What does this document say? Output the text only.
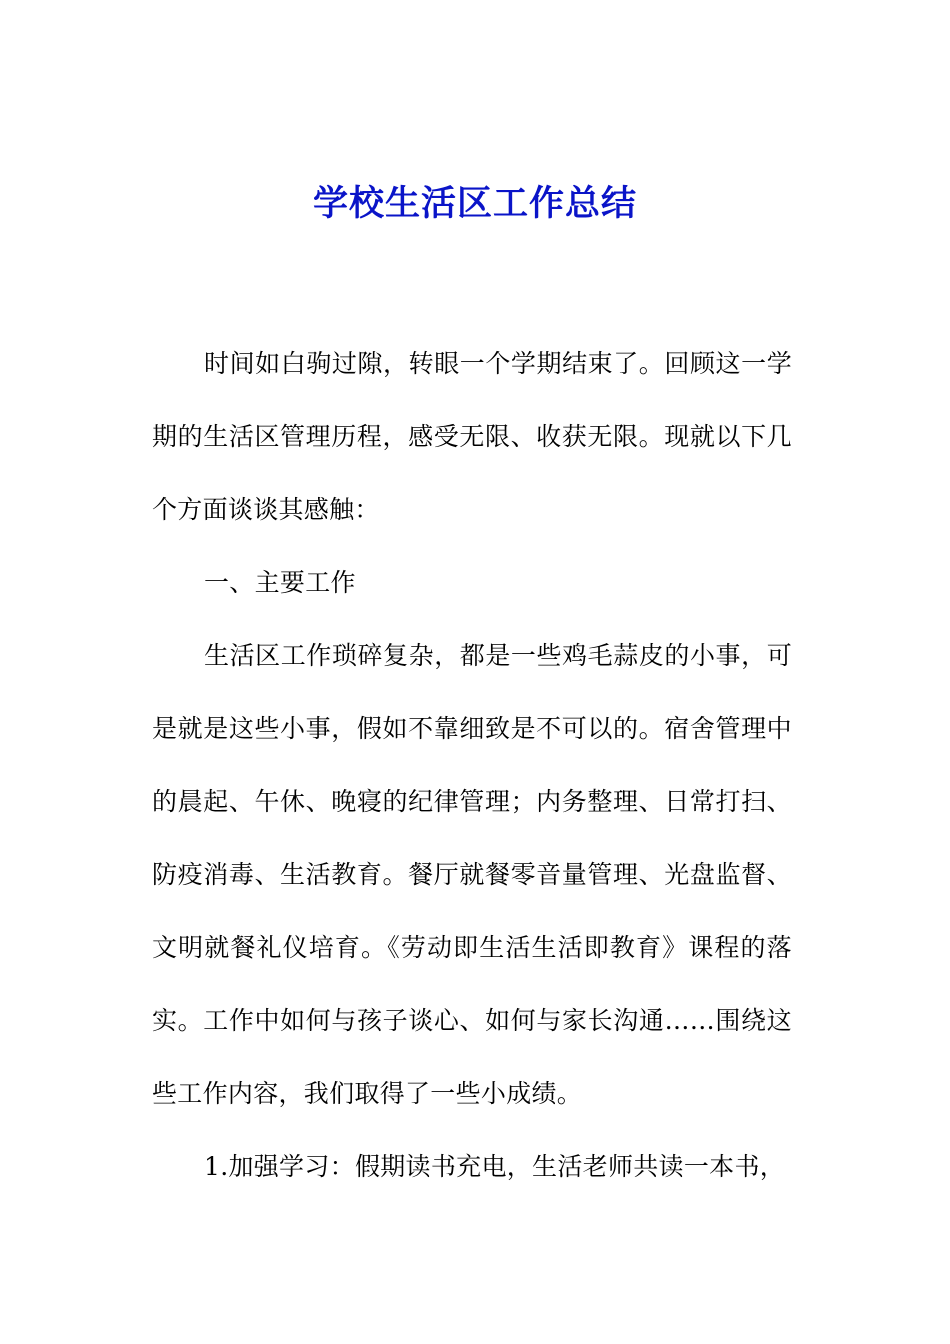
学校生活区工作总结

时间如白驹过隙，转眼一个学期结束了。回顾这一学期的生活区管理历程，感受无限、收获无限。现就以下几个方面谈谈其感触：

一、主要工作

生活区工作琐碎复杂，都是一些鸡毛蒜皮的小事，可是就是这些小事，假如不靠细致是不可以的。宿舍管理中的晨起、午休、晚寝的纪律管理；内务整理、日常打扫、防疫消毒、生活教育。餐厅就餐零音量管理、光盘监督、文明就餐礼仪培育。《劳动即生活生活即教育》课程的落实。工作中如何与孩子谈心、如何与家长沟通……围绕这些工作内容，我们取得了一些小成绩。

1.加强学习：假期读书充电，生活老师共读一本书，
